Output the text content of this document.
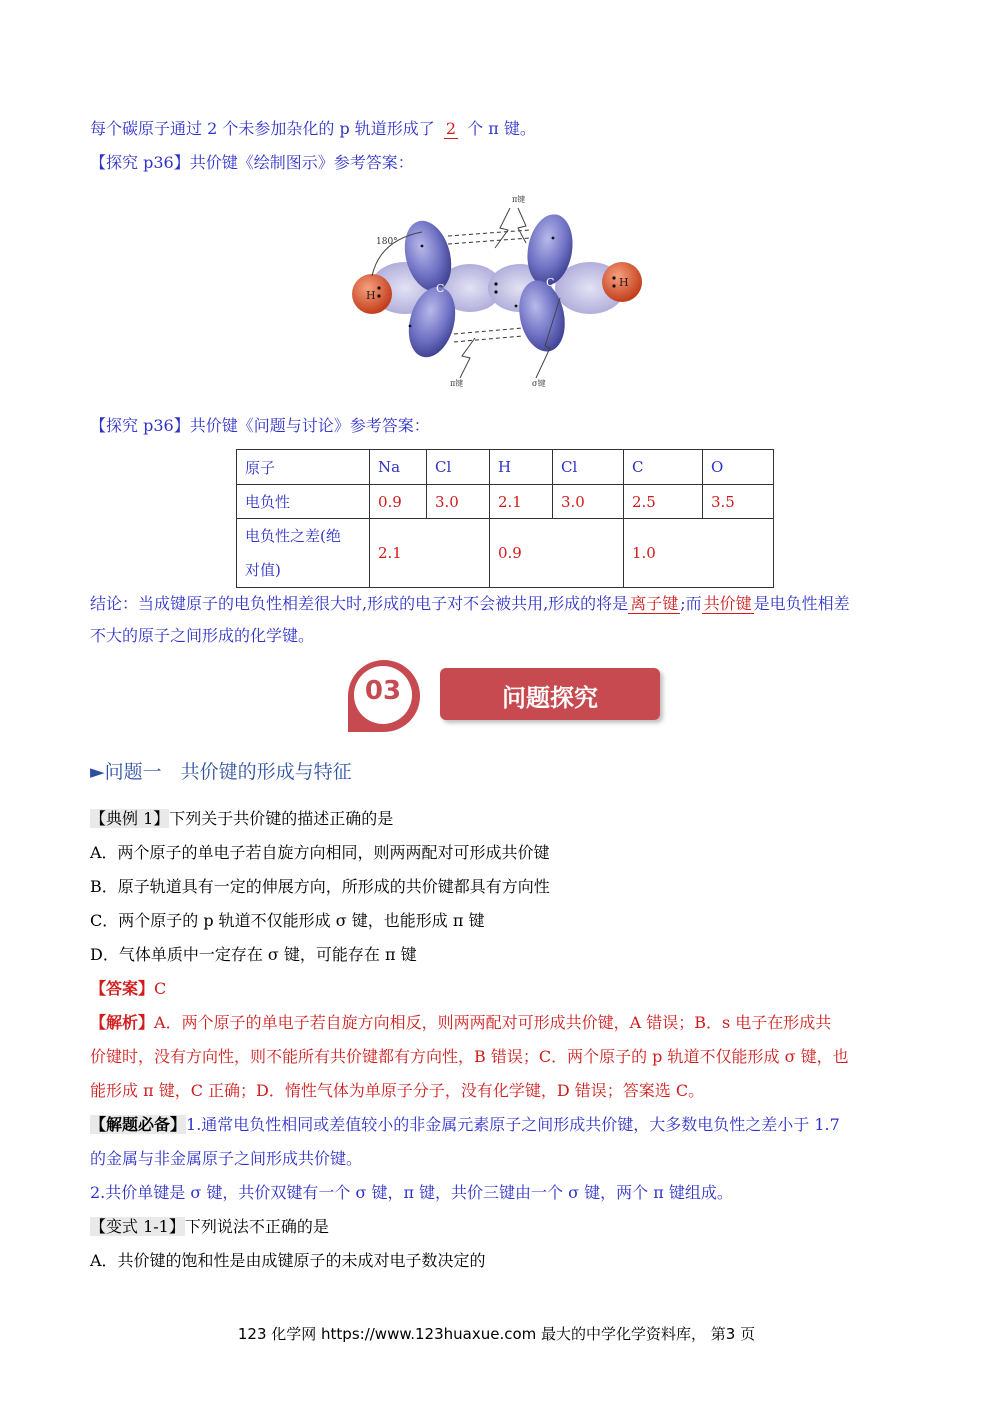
每个碳原子通过 2 个未参加杂化的 p 轨道形成了 2 个 π 键。
【探究 p36】共价键《绘制图示》参考答案：
H
H
C	C
π键
π键	σ键
180°
【探究 p36】共价键《问题与讨论》参考答案：
原子	Na	Cl	H	Cl	C	O
电负性	0.9	3.0	2.1	3.0	2.5	3.5

电负性之差(绝
对值)	2.1		0.9		1.0	
结论：当成键原子的电负性相差很大时,形成的电子对不会被共用,形成的将是 离子键 ;而 共价键 是电负性相差
不大的原子之间形成的化学键。
03	问题探究
►问题一　共价键的形成与特征
【典例 1】下列关于共价键的描述正确的是
A．两个原子的单电子若自旋方向相同，则两两配对可形成共价键
B．原子轨道具有一定的伸展方向，所形成的共价键都具有方向性
C．两个原子的 p 轨道不仅能形成 σ 键，也能形成 π 键
D．气体单质中一定存在 σ 键，可能存在 π 键
【答案】C
【解析】A．两个原子的单电子若自旋方向相反，则两两配对可形成共价键，A 错误；B．s 电子在形成共
价键时，没有方向性，则不能所有共价键都有方向性，B 错误；C．两个原子的 p 轨道不仅能形成 σ 键，也
能形成 π 键，C 正确；D．惰性气体为单原子分子，没有化学键，D 错误；答案选 C。
【解题必备】1.通常电负性相同或差值较小的非金属元素原子之间形成共价键，大多数电负性之差小于 1.7
的金属与非金属原子之间形成共价键。
2.共价单键是 σ 键，共价双键有一个 σ 键，π 键，共价三键由一个 σ 键，两个 π 键组成。
【变式 1-1】下列说法不正确的是
A．共价键的饱和性是由成键原子的未成对电子数决定的
123 化学网 https://www.123huaxue.com 最大的中学化学资料库， 第3 页
